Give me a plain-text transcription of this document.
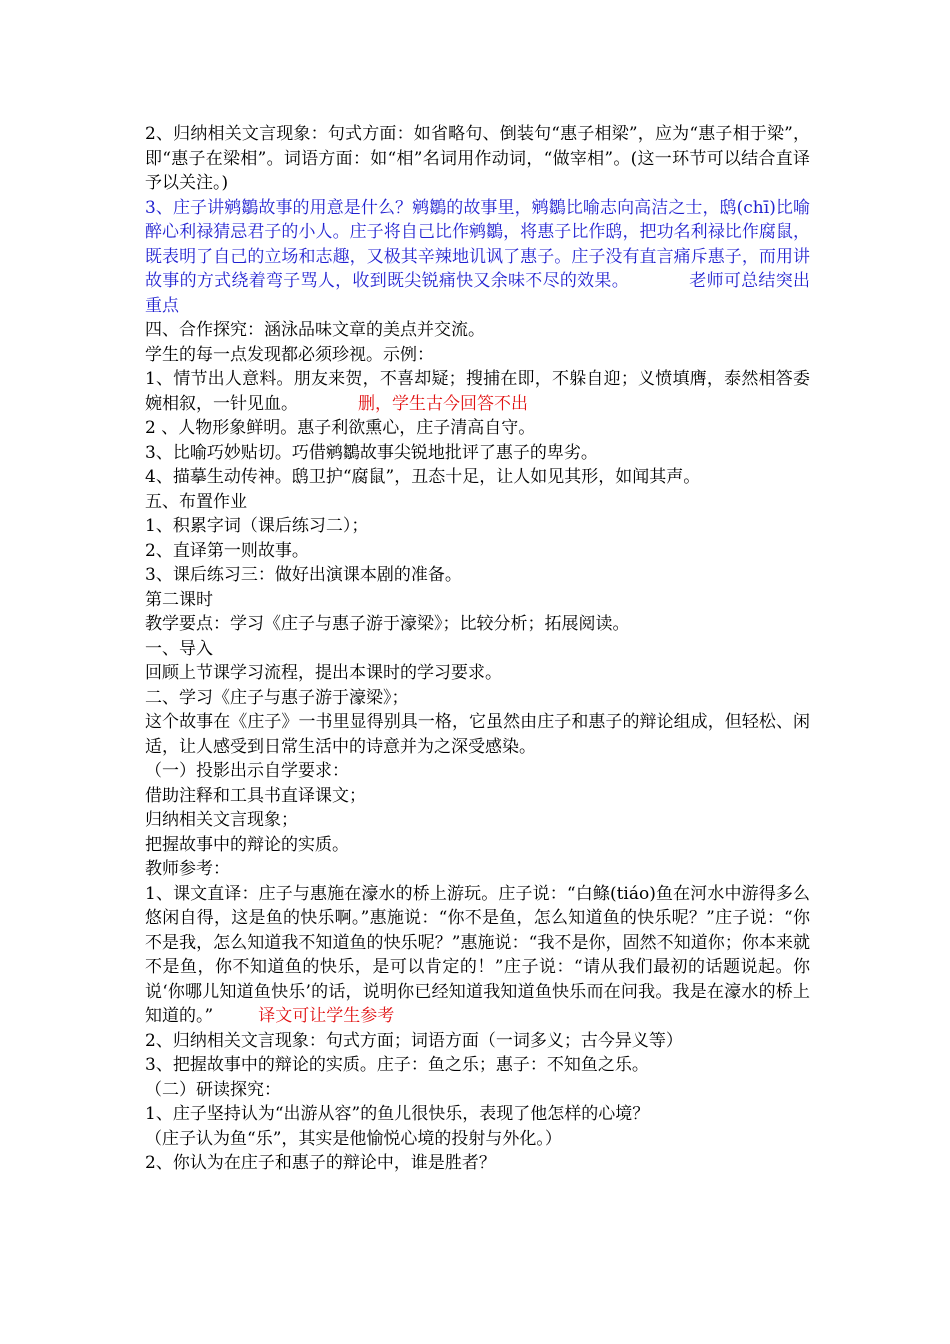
2、归纳相关文言现象：句式方面：如省略句、倒装句“惠子相梁”，应为“惠子相于梁”，即“惠子在梁相”。词语方面：如“相”名词用作动词，“做宰相”。(这一环节可以结合直译予以关注。)

3、庄子讲鹓鶵故事的用意是什么？鹓鶵的故事里，鹓鶵比喻志向高洁之士，鸱(chī)比喻醉心利禄猜忌君子的小人。庄子将自己比作鹓鶵，将惠子比作鸱，把功名利禄比作腐鼠，既表明了自己的立场和志趣，又极其辛辣地讥讽了惠子。庄子没有直言痛斥惠子，而用讲故事的方式绕着弯子骂人，收到既尖锐痛快又余味不尽的效果。	老师可总结突出重点

四、合作探究：涵泳品味文章的美点并交流。

学生的每一点发现都必须珍视。示例：

1、情节出人意料。朋友来贺，不喜却疑；搜捕在即，不躲自迎；义愤填膺，泰然相答委婉相叙，一针见血。	删，学生古今回答不出

2 、人物形象鲜明。惠子利欲熏心，庄子清高自守。

3、比喻巧妙贴切。巧借鹓鶵故事尖锐地批评了惠子的卑劣。

4、描摹生动传神。鸱卫护“腐鼠”，丑态十足，让人如见其形，如闻其声。

五、布置作业

1、积累字词（课后练习二）；

2、直译第一则故事。

3、课后练习三：做好出演课本剧的准备。

第二课时

教学要点：学习《庄子与惠子游于濠梁》；比较分析；拓展阅读。

一、导入

回顾上节课学习流程，提出本课时的学习要求。

二、学习《庄子与惠子游于濠梁》；

这个故事在《庄子》一书里显得别具一格，它虽然由庄子和惠子的辩论组成，但轻松、闲适，让人感受到日常生活中的诗意并为之深受感染。

（一）投影出示自学要求：

借助注释和工具书直译课文；

归纳相关文言现象；

把握故事中的辩论的实质。

教师参考：

1、课文直译：庄子与惠施在濠水的桥上游玩。庄子说：“白鲦(tiáo)鱼在河水中游得多么悠闲自得，这是鱼的快乐啊。”惠施说：“你不是鱼，怎么知道鱼的快乐呢？”庄子说：“你不是我，怎么知道我不知道鱼的快乐呢？”惠施说：“我不是你，固然不知道你；你本来就不是鱼，你不知道鱼的快乐，是可以肯定的！”庄子说：“请从我们最初的话题说起。你说‘你哪儿知道鱼快乐’的话，说明你已经知道我知道鱼快乐而在问我。我是在濠水的桥上知道的。”	译文可让学生参考

2、归纳相关文言现象：句式方面；词语方面（一词多义；古今异义等）

3、把握故事中的辩论的实质。庄子：鱼之乐；惠子：不知鱼之乐。

（二）研读探究：

1、庄子坚持认为“出游从容”的鱼儿很快乐，表现了他怎样的心境？

（庄子认为鱼“乐”，其实是他愉悦心境的投射与外化。）

2、你认为在庄子和惠子的辩论中，谁是胜者？
